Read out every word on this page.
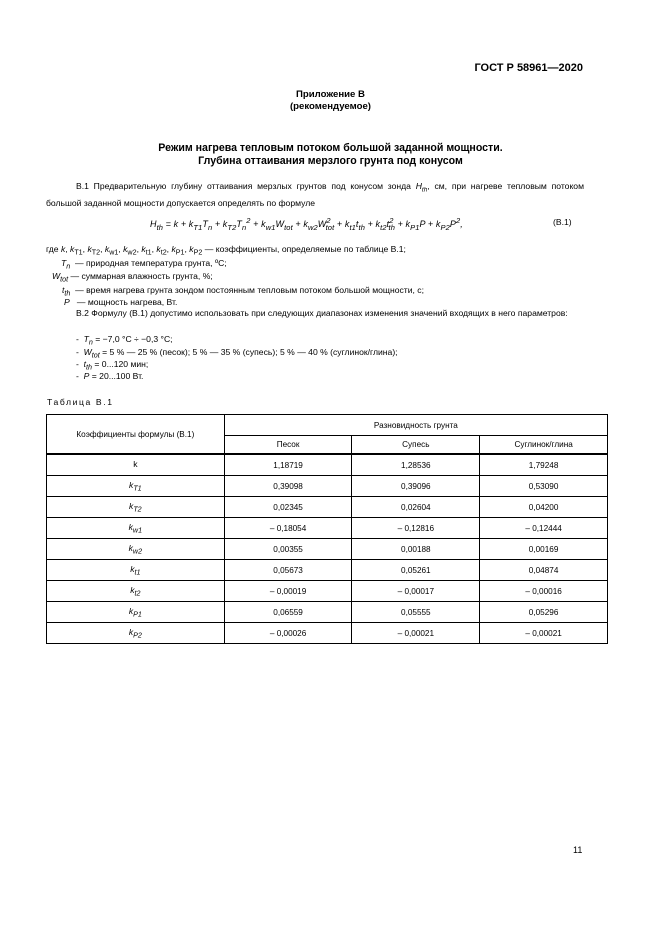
ГОСТ Р 58961—2020
Приложение В
(рекомендуемое)
Режим нагрева тепловым потоком большой заданной мощности.
Глубина оттаивания мерзлого грунта под конусом
В.1 Предварительную глубину оттаивания мерзлых грунтов под конусом зонда $H_{th}$, см, при нагреве тепловым потоком большой заданной мощности допускается определять по формуле
$H_{th} = k + k_{T1}T_n + k_{T2}T_n^2 + k_{w1}W_{tot} + k_{w2}W^2_{tot} + k_{t1}t_{th} + k_{t2}t^2_{th} + k_{P1}P + k_{P2}P^2$,	(В.1)
где k, $k_{T1}$, $k_{T2}$, $k_{w1}$, $k_{w2}$, $k_{t1}$, $k_{t2}$, $k_{P1}$, $k_{P2}$ — коэффициенты, определяемые по таблице В.1;
$T_n$ — природная температура грунта, ºС;
$W_{tot}$ — суммарная влажность грунта, %;
$t_{th}$ — время нагрева грунта зондом постоянным тепловым потоком большой мощности, с;
P — мощность нагрева, Вт.
В.2 Формулу (В.1) допустимо использовать при следующих диапазонах изменения значений входящих в него параметров:
-  $T_n = -7,0$ °С ÷ −0,3 °С;
-  $W_{tot} = 5$ % — 25 % (песок); 5 % — 35 % (супесь); 5 % — 40 % (суглинок/глина);
-  $t_{th} = 0...120$ мин;
-  P = 20...100 Вт.
Таблица В.1
Коэффициенты формулы (В.1)	Разновидность грунта		
	Песок	Супесь	Суглинок/глина
k	1,18719	1,28536	1,79248
$k_{T1}$	0,39098	0,39096	0,53090
$k_{T2}$	0,02345	0,02604	0,04200
$k_{w1}$	– 0,18054	– 0,12816	– 0,12444
$k_{w2}$	0,00355	0,00188	0,00169
$k_{t1}$	0,05673	0,05261	0,04874
$k_{t2}$	– 0,00019	– 0,00017	– 0,00016
$k_{P1}$	0,06559	0,05555	0,05296
$k_{P2}$	– 0,00026	– 0,00021	– 0,00021
11
